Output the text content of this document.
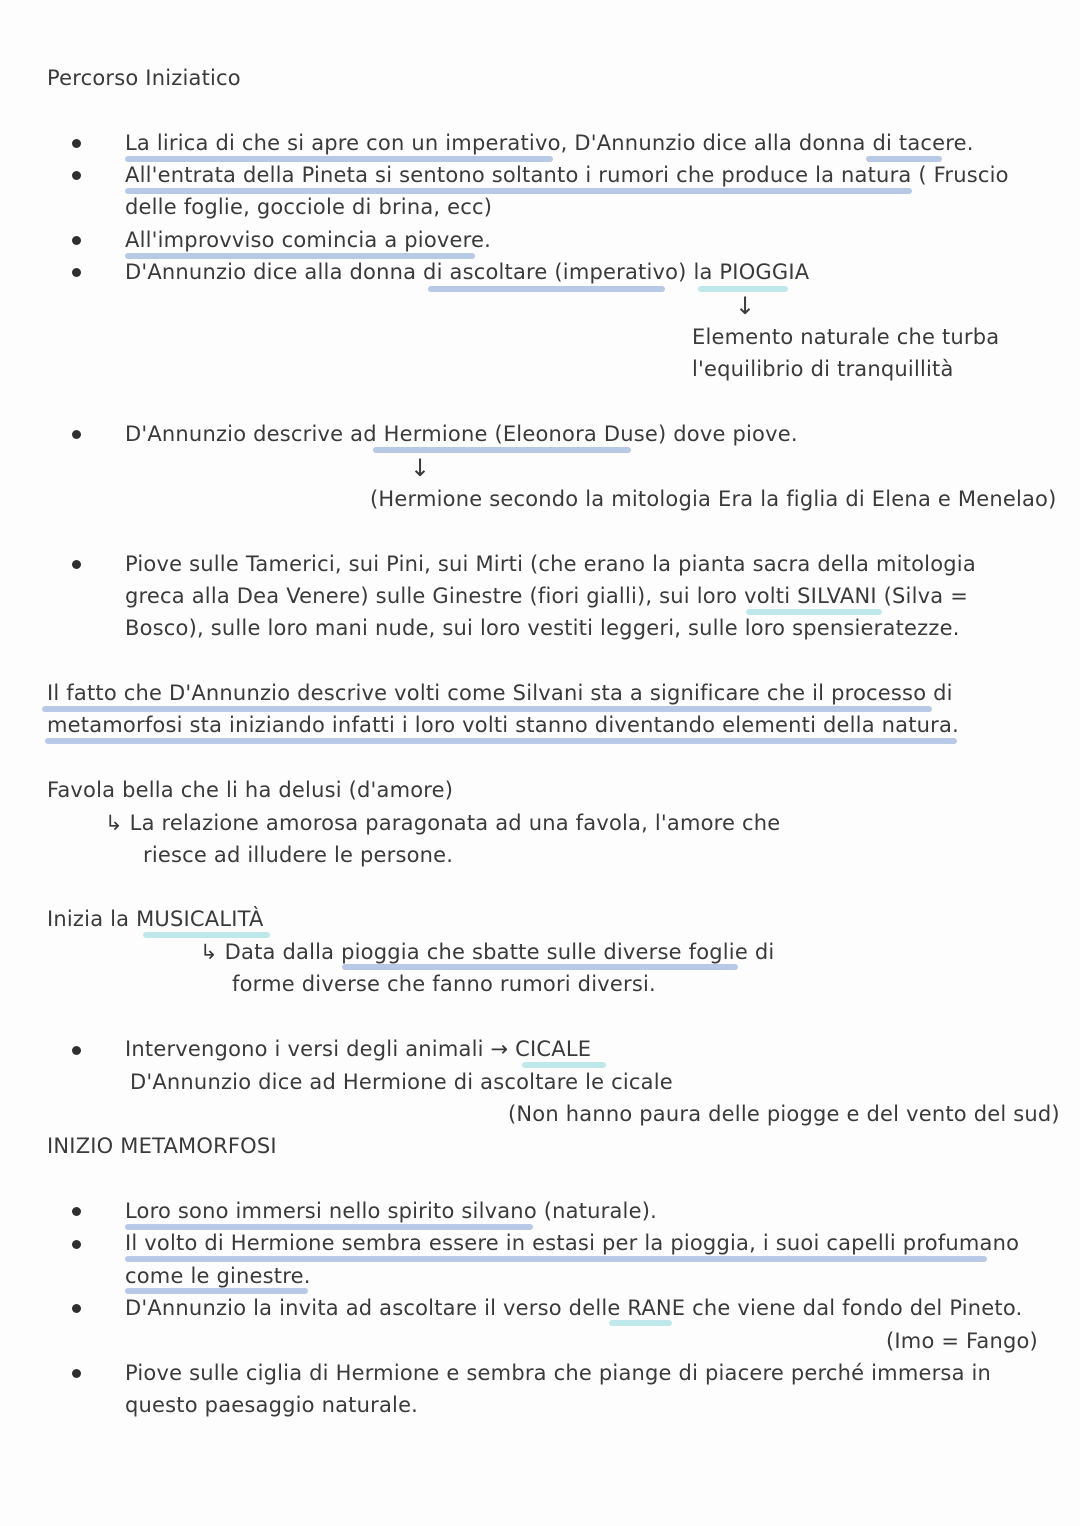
Percorso Iniziatico
La lirica di che si apre con un imperativo, D'Annunzio dice alla donna di tacere.
All'entrata della Pineta si sentono soltanto i rumori che produce la natura ( Fruscio
delle foglie, gocciole di brina, ecc)
All'improvviso comincia a piovere.
D'Annunzio dice alla donna di ascoltare (imperativo) la PIOGGIA
↓
Elemento naturale che turba
l'equilibrio di tranquillità
D'Annunzio descrive ad Hermione (Eleonora Duse) dove piove.
↓
(Hermione secondo la mitologia Era la figlia di Elena e Menelao)
Piove sulle Tamerici, sui Pini, sui Mirti (che erano la pianta sacra della mitologia
greca alla Dea Venere) sulle Ginestre (fiori gialli), sui loro volti SILVANI (Silva =
Bosco), sulle loro mani nude, sui loro vestiti leggeri, sulle loro spensieratezze.
Il fatto che D'Annunzio descrive volti come Silvani sta a significare che il processo di
metamorfosi sta iniziando infatti i loro volti stanno diventando elementi della natura.
Favola bella che li ha delusi (d'amore)
↳ La relazione amorosa paragonata ad una favola, l'amore che
riesce ad illudere le persone.
Inizia la MUSICALITÀ
↳ Data dalla pioggia che sbatte sulle diverse foglie di
forme diverse che fanno rumori diversi.
Intervengono i versi degli animali → CICALE
D'Annunzio dice ad Hermione di ascoltare le cicale
(Non hanno paura delle piogge e del vento del sud)
INIZIO METAMORFOSI
Loro sono immersi nello spirito silvano (naturale).
Il volto di Hermione sembra essere in estasi per la pioggia, i suoi capelli profumano
come le ginestre.
D'Annunzio la invita ad ascoltare il verso delle RANE che viene dal fondo del Pineto.
(Imo = Fango)
Piove sulle ciglia di Hermione e sembra che piange di piacere perché immersa in
questo paesaggio naturale.
